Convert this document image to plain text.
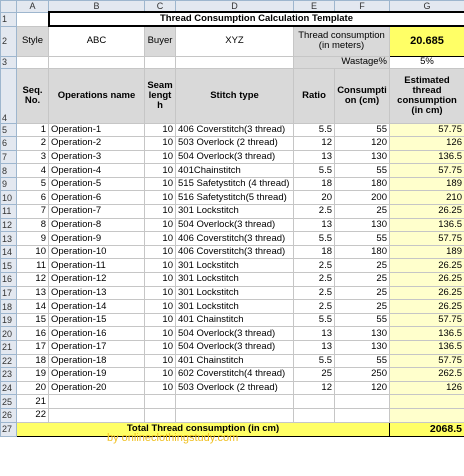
	A	B	C	D	E	F	G
1		Thread Consumption Calculation Template					
2	Style	ABC	Buyer	XYZ	Thread consumption (in meters)		20.685
3					Wastage%		5%
4	Seq. No.	Operations name	Seam length	Stitch type	Ratio	Consumption (cm)	Estimated thread consumption (in cm)
5	1	Operation-1	10	406 Coverstitch(3 thread)	5.5	55	57.75
6	2	Operation-2	10	503 Overlock (2 thread)	12	120	126
7	3	Operation-3	10	504 Overlock(3 thread)	13	130	136.5
8	4	Operation-4	10	401Chainstitch	5.5	55	57.75
9	5	Operation-5	10	515 Safetystitch (4 thread)	18	180	189
10	6	Operation-6	10	516 Safetystitch(5 thread)	20	200	210
11	7	Operation-7	10	301 Lockstitch	2.5	25	26.25
12	8	Operation-8	10	504 Overlock(3 thread)	13	130	136.5
13	9	Operation-9	10	406 Coverstitch(3 thread)	5.5	55	57.75
14	10	Operation-10	10	406 Coverstitch(3 thread)	18	180	189
15	11	Operation-11	10	301 Lockstitch	2.5	25	26.25
16	12	Operation-12	10	301 Lockstitch	2.5	25	26.25
17	13	Operation-13	10	301 Lockstitch	2.5	25	26.25
18	14	Operation-14	10	301 Lockstitch	2.5	25	26.25
19	15	Operation-15	10	401 Chainstitch	5.5	55	57.75
20	16	Operation-16	10	504 Overlock(3 thread)	13	130	136.5
21	17	Operation-17	10	504 Overlock(3 thread)	13	130	136.5
22	18	Operation-18	10	401 Chainstitch	5.5	55	57.75
23	19	Operation-19	10	602 Coverstitch(4 thread)	25	250	262.5
24	20	Operation-20	10	503 Overlock (2 thread)	12	120	126
25	21						
26	22						
27	Total Thread consumption (in cm)						2068.5
by onlineclothingstudy.com
